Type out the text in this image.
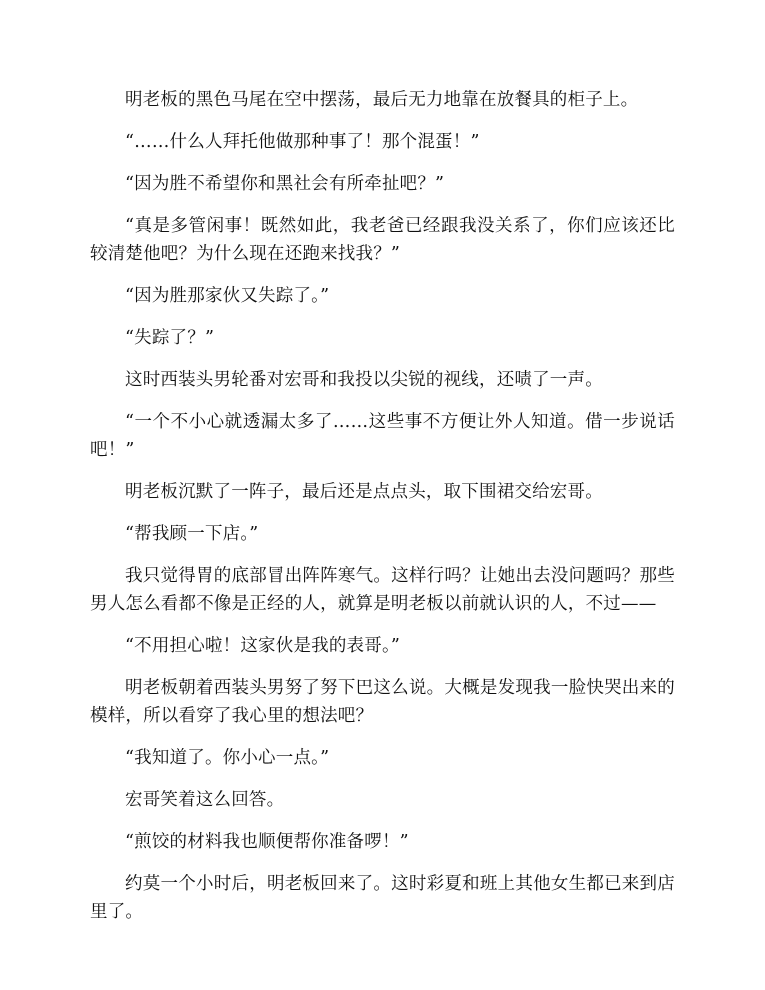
明老板的黑色马尾在空中摆荡，最后无力地靠在放餐具的柜子上。

“……什么人拜托他做那种事了！那个混蛋！”

“因为胜不希望你和黑社会有所牵扯吧？”

“真是多管闲事！既然如此，我老爸已经跟我没关系了，你们应该还比较清楚他吧？为什么现在还跑来找我？”

“因为胜那家伙又失踪了。”

“失踪了？”

这时西装头男轮番对宏哥和我投以尖锐的视线，还啧了一声。

“一个不小心就透漏太多了……这些事不方便让外人知道。借一步说话吧！”

明老板沉默了一阵子，最后还是点点头，取下围裙交给宏哥。

“帮我顾一下店。”

我只觉得胃的底部冒出阵阵寒气。这样行吗？让她出去没问题吗？那些男人怎么看都不像是正经的人，就算是明老板以前就认识的人，不过——

“不用担心啦！这家伙是我的表哥。”

明老板朝着西装头男努了努下巴这么说。大概是发现我一脸快哭出来的模样，所以看穿了我心里的想法吧？

“我知道了。你小心一点。”

宏哥笑着这么回答。

“煎饺的材料我也顺便帮你准备啰！”

约莫一个小时后，明老板回来了。这时彩夏和班上其他女生都已来到店里了。
